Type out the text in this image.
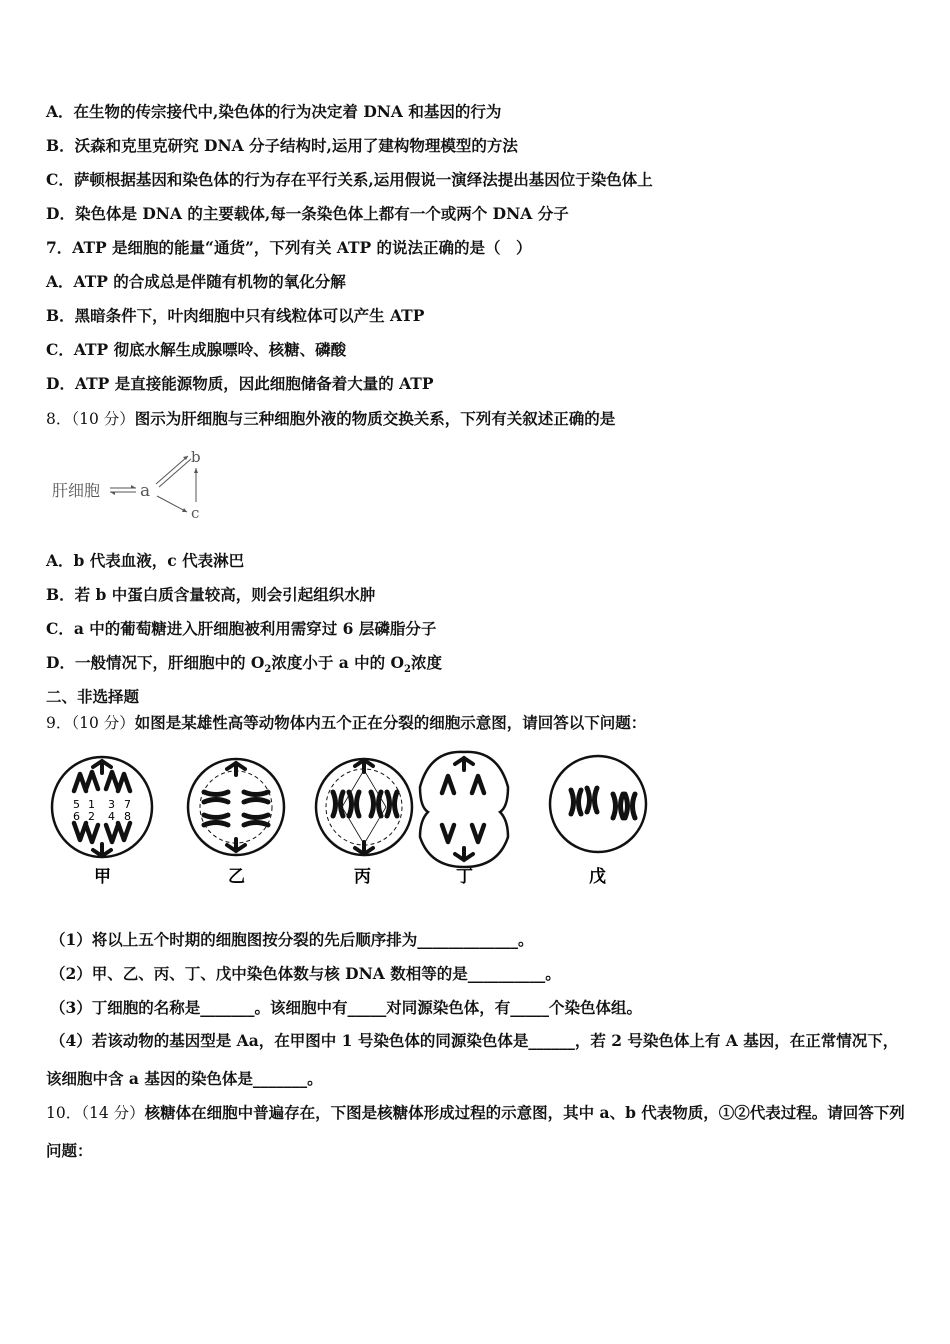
A．在生物的传宗接代中,染色体的行为决定着 DNA 和基因的行为
B．沃森和克里克研究 DNA 分子结构时,运用了建构物理模型的方法
C．萨顿根据基因和染色体的行为存在平行关系,运用假说一演绎法提出基因位于染色体上
D．染色体是 DNA 的主要载体,每一条染色体上都有一个或两个 DNA 分子
7．ATP 是细胞的能量“通货”，下列有关 ATP 的说法正确的是（　）
A．ATP 的合成总是伴随有机物的氧化分解
B．黑暗条件下，叶肉细胞中只有线粒体可以产生 ATP
C．ATP 彻底水解生成腺嘌呤、核糖、磷酸
D．ATP 是直接能源物质，因此细胞储备着大量的 ATP
8．（10 分）图示为肝细胞与三种细胞外液的物质交换关系，下列有关叙述正确的是
肝细胞 a
b
c
A．b 代表血液，c 代表淋巴
B．若 b 中蛋白质含量较高，则会引起组织水肿
C．a 中的葡萄糖进入肝细胞被利用需穿过 6 层磷脂分子
D．一般情况下，肝细胞中的 $O_2$浓度小于 a 中的 $O_2$浓度
二、非选择题
9．（10 分）如图是某雄性高等动物体内五个正在分裂的细胞示意图，请回答以下问题：
5
6
1
2
3
4
7
8
甲	乙	丙	丁	戊
（1）将以上五个时期的细胞图按分裂的先后顺序排为_____________。
（2）甲、乙、丙、丁、戊中染色体数与核 DNA 数相等的是__________。
（3）丁细胞的名称是_______。该细胞中有_____对同源染色体，有_____个染色体组。
（4）若该动物的基因型是 Aa，在甲图中 1 号染色体的同源染色体是______，若 2 号染色体上有 A 基因，在正常情况下，该细胞中含 a 基因的染色体是_______。
10．（14 分）核糖体在细胞中普遍存在，下图是核糖体形成过程的示意图，其中 a、b 代表物质，①②代表过程。请回答下列问题：
